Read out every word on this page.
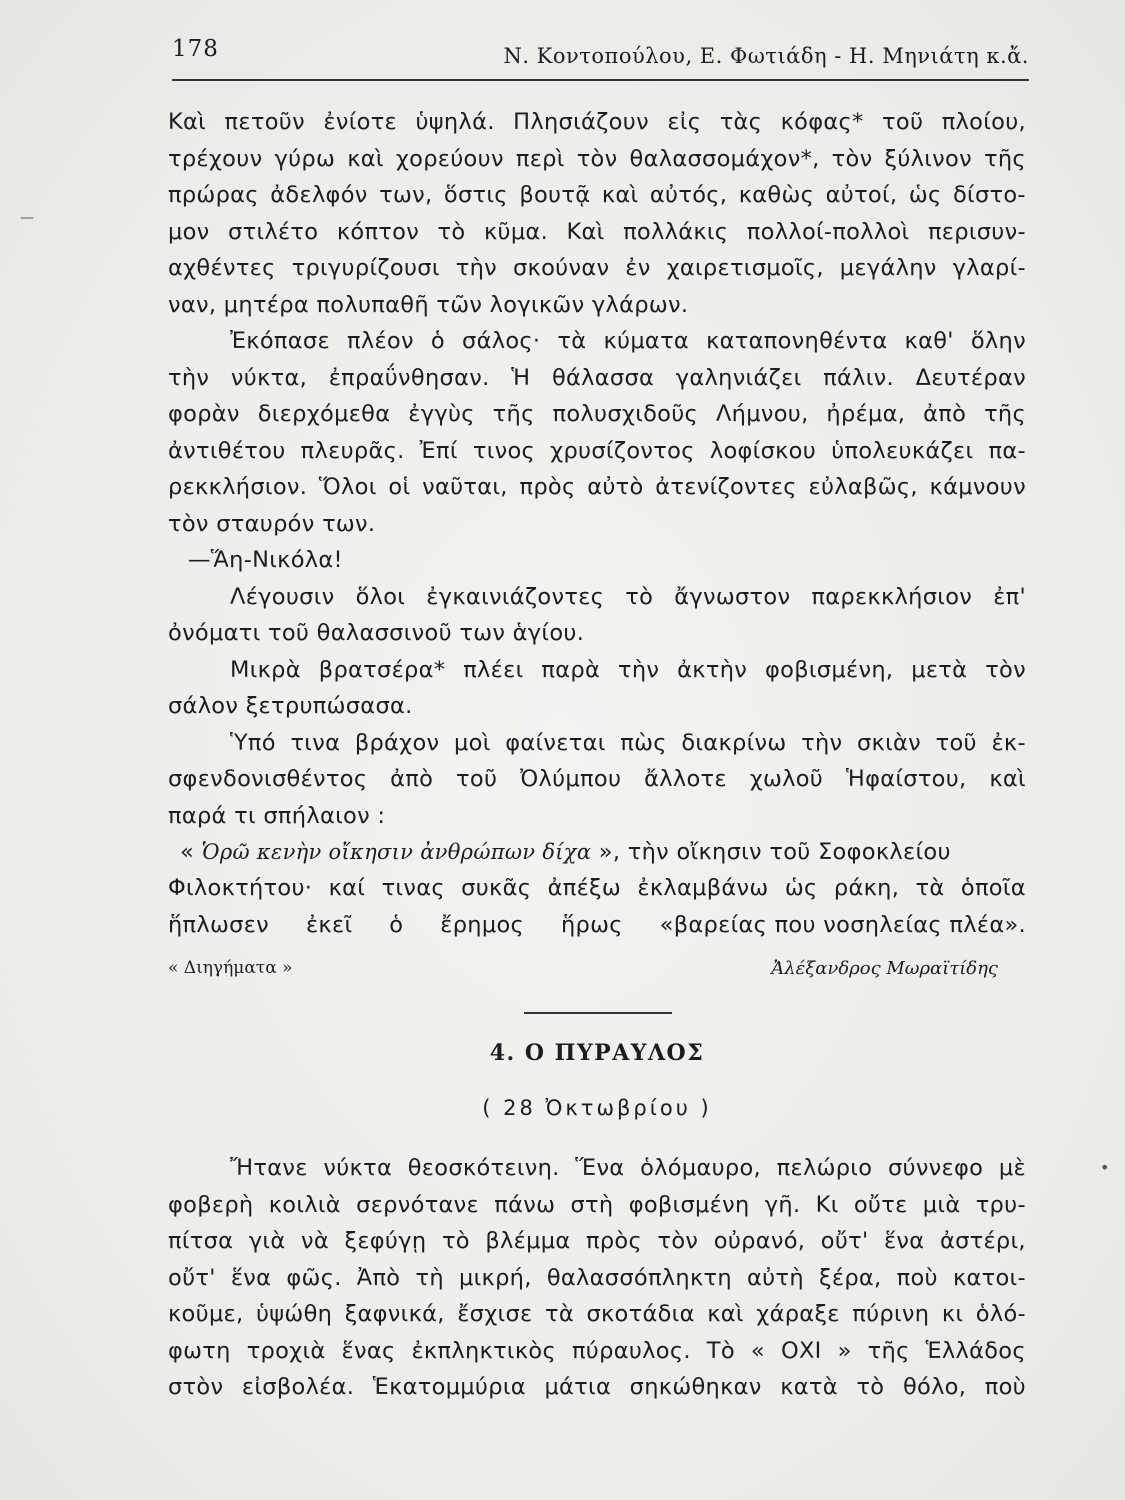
178	Ν. Κοντοπούλου, Ε. Φωτιάδη - Η. Μηνιάτη κ.ἄ.
Καὶ πετοῦν ἐνίοτε ὑψηλά. Πλησιάζουν εἰς τὰς κόφας* τοῦ πλοίου,
τρέχουν γύρω καὶ χορεύουν περὶ τὸν θαλασσομάχον*, τὸν ξύλινον τῆς
πρώρας ἀδελφόν των, ὅστις βουτᾷ καὶ αὐτός, καθὼς αὐτοί, ὡς δίστο-
μον στιλέτο κόπτον τὸ κῦμα. Καὶ πολλάκις πολλοί-πολλοὶ περισυν-
αχθέντες τριγυρίζουσι τὴν σκούναν ἐν χαιρετισμοῖς, μεγάλην γλαρί-
ναν, μητέρα πολυπαθῆ τῶν λογικῶν γλάρων.
Ἐκόπασε πλέον ὁ σάλος· τὰ κύματα καταπονηθέντα καθ' ὅλην
τὴν νύκτα, ἐπραΰνθησαν. Ἡ θάλασσα γαληνιάζει πάλιν. Δευτέραν
φορὰν διερχόμεθα ἐγγὺς τῆς πολυσχιδοῦς Λήμνου, ἠρέμα, ἀπὸ τῆς
ἀντιθέτου πλευρᾶς. Ἐπί τινος χρυσίζοντος λοφίσκου ὑπολευκάζει πα-
ρεκκλήσιον. Ὅλοι οἱ ναῦται, πρὸς αὐτὸ ἀτενίζοντες εὐλαβῶς, κάμνουν
τὸν σταυρόν των.
—Ἅη-Νικόλα!
Λέγουσιν ὅλοι ἐγκαινιάζοντες τὸ ἄγνωστον παρεκκλήσιον ἐπ'
ὀνόματι τοῦ θαλασσινοῦ των ἁγίου.
Μικρὰ βρατσέρα* πλέει παρὰ τὴν ἀκτὴν φοβισμένη, μετὰ τὸν
σάλον ξετρυπώσασα.
Ὑπό τινα βράχον μοὶ φαίνεται πὼς διακρίνω τὴν σκιὰν τοῦ ἐκ-
σφενδονισθέντος ἀπὸ τοῦ Ὀλύμπου ἄλλοτε χωλοῦ Ἡφαίστου, καὶ
παρά τι σπήλαιον :
« Ὁρῶ κενὴν οἴκησιν ἀνθρώπων δίχα », τὴν οἴκησιν τοῦ Σοφοκλείου
Φιλοκτήτου· καί τινας συκᾶς ἀπέξω ἐκλαμβάνω ὡς ράκη, τὰ ὁποῖα
ἥπλωσεν ἐκεῖ ὁ ἔρημος ἥρως «βαρείας που νοσηλείας πλέα».
« Διηγήματα »	Ἀλέξανδρος Μωραϊτίδης
4. Ο ΠΥΡΑΥΛΟΣ
( 28 Ὀκτωβρίου )
Ἤτανε νύκτα θεοσκότεινη. Ἕνα ὁλόμαυρο, πελώριο σύννεφο μὲ
φοβερὴ κοιλιὰ σερνότανε πάνω στὴ φοβισμένη γῆ. Κι οὔτε μιὰ τρυ-
πίτσα γιὰ νὰ ξεφύγῃ τὸ βλέμμα πρὸς τὸν οὐρανό, οὔτ' ἕνα ἀστέρι,
οὔτ' ἕνα φῶς. Ἀπὸ τὴ μικρή, θαλασσόπληκτη αὐτὴ ξέρα, ποὺ κατοι-
κοῦμε, ὑψώθη ξαφνικά, ἔσχισε τὰ σκοτάδια καὶ χάραξε πύρινη κι ὁλό-
φωτη τροχιὰ ἕνας ἐκπληκτικὸς πύραυλος. Τὸ « ΟΧΙ » τῆς Ἑλλάδος
στὸν εἰσβολέα. Ἑκατομμύρια μάτια σηκώθηκαν κατὰ τὸ θόλο, ποὺ
—
•
